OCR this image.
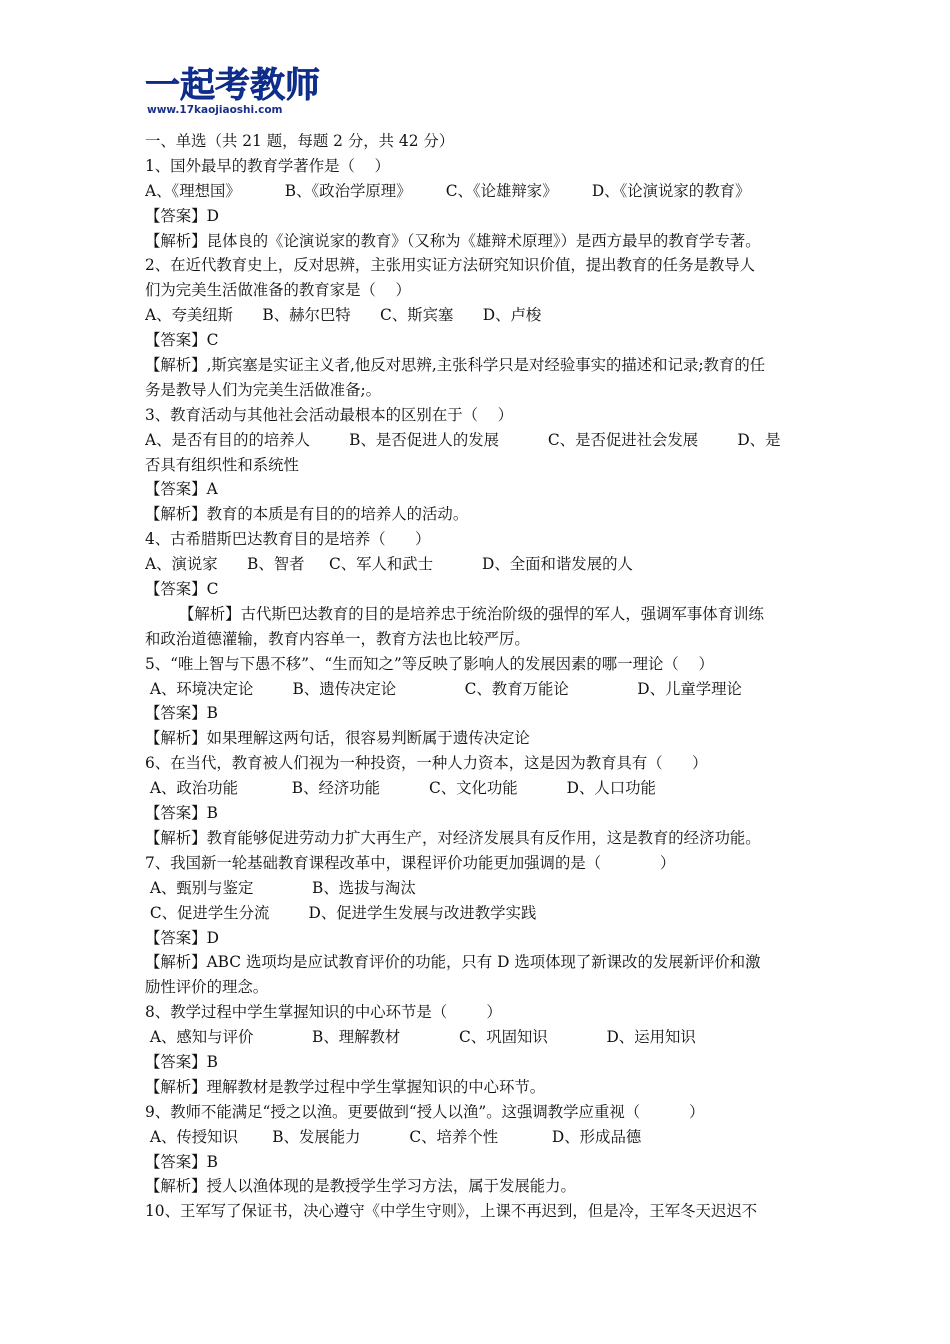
一起考教师
www.17kaojiaoshi.com
一、单选（共 21 题，每题 2 分，共 42 分）
1、国外最早的教育学著作是（    ）
A、《理想国》         B、《政治学原理》       C、《论雄辩家》       D、《论演说家的教育》
【答案】D
【解析】昆体良的《论演说家的教育》（又称为《雄辩术原理》）是西方最早的教育学专著。
2、在近代教育史上，反对思辨，主张用实证方法研究知识价值，提出教育的任务是教导人
们为完美生活做准备的教育家是（    ）
A、夸美纽斯      B、赫尔巴特      C、斯宾塞      D、卢梭
【答案】C
【解析】,斯宾塞是实证主义者,他反对思辨,主张科学只是对经验事实的描述和记录;教育的任
务是教导人们为完美生活做准备;。
3、教育活动与其他社会活动最根本的区别在于（    ）
A、是否有目的的培养人        B、是否促进人的发展          C、是否促进社会发展        D、是
否具有组织性和系统性
【答案】A
【解析】教育的本质是有目的的培养人的活动。
4、古希腊斯巴达教育目的是培养（      ）
A、演说家      B、智者     C、军人和武士          D、全面和谐发展的人
【答案】C
【解析】古代斯巴达教育的目的是培养忠于统治阶级的强悍的军人，强调军事体育训练
和政治道德灌输，教育内容单一，教育方法也比较严厉。
5、“唯上智与下愚不移”、“生而知之”等反映了影响人的发展因素的哪一理论（    ）
A、环境决定论        B、遗传决定论              C、教育万能论              D、儿童学理论
【答案】B
【解析】如果理解这两句话，很容易判断属于遗传决定论
6、在当代，教育被人们视为一种投资，一种人力资本，这是因为教育具有（      ）
A、政治功能           B、经济功能          C、文化功能          D、人口功能
【答案】B
【解析】教育能够促进劳动力扩大再生产，对经济发展具有反作用，这是教育的经济功能。
7、我国新一轮基础教育课程改革中，课程评价功能更加强调的是（            ）
A、甄别与鉴定            B、选拔与淘汰
C、促进学生分流        D、促进学生发展与改进教学实践
【答案】D
【解析】ABC 选项均是应试教育评价的功能，只有 D 选项体现了新课改的发展新评价和激
励性评价的理念。
8、教学过程中学生掌握知识的中心环节是（        ）
A、感知与评价            B、理解教材            C、巩固知识            D、运用知识
【答案】B
【解析】理解教材是教学过程中学生掌握知识的中心环节。
9、教师不能满足“授之以渔。更要做到“授人以渔”。这强调教学应重视（          ）
A、传授知识       B、发展能力          C、培养个性           D、形成品德
【答案】B
【解析】授人以渔体现的是教授学生学习方法，属于发展能力。
10、王军写了保证书，决心遵守《中学生守则》，上课不再迟到，但是冷，王军冬天迟迟不
